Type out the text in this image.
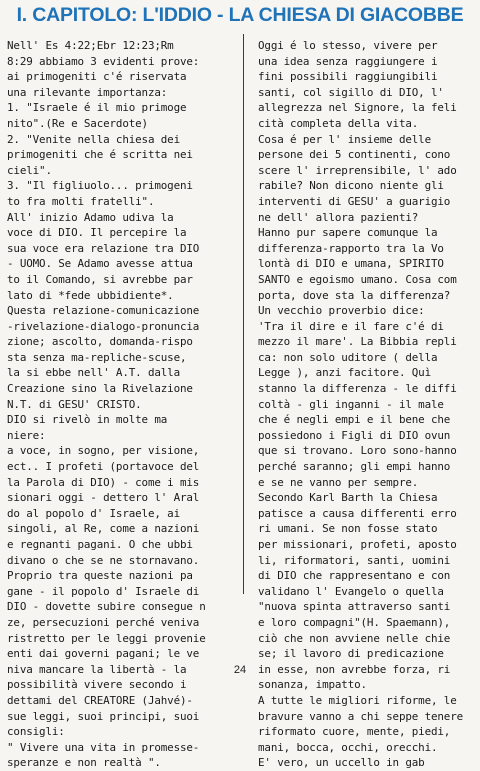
I. CAPITOLO: L'IDDIO - LA CHIESA DI GIACOBBE
Nell' Es 4:22;Ebr 12:23;Rm
8:29 abbiamo 3 evidenti prove:
ai primogeniti c'é riservata
una rilevante importanza:
1. "Israele é il mio primoge
nito".(Re e Sacerdote)
2. "Venite nella chiesa dei
primogeniti che é scritta nei
cieli".
3. "Il figliuolo... primogeni
to fra molti fratelli".
All' inizio Adamo udiva la
voce di DIO. Il percepire la
sua voce era relazione tra DIO
- UOMO. Se Adamo avesse attua
to il Comando, si avrebbe par
lato di *fede ubbidiente*.
Questa relazione-comunicazione
-rivelazione-dialogo-pronuncia
zione; ascolto, domanda-rispo
sta senza ma-repliche-scuse,
la si ebbe nell' A.T. dalla
Creazione sino la Rivelazione
N.T. di GESU' CRISTO.
DIO si rivelò in molte ma
niere:
a voce, in sogno, per visione,
ect.. I profeti (portavoce del
la Parola di DIO) - come i mis
sionari oggi - dettero l' Aral
do al popolo d' Israele, ai
singoli, al Re, come a nazioni
e regnanti pagani. O che ubbi
divano o che se ne stornavano.
Proprio tra queste nazioni pa
gane - il popolo d' Israele di
DIO - dovette subire consegue n
ze, persecuzioni perché veniva
ristretto per le leggi provenie
enti dai governi pagani; le ve
niva mancare la libertà - la
possibilità vivere secondo i
dettami del CREATORE (Jahvé)-
sue leggi, suoi principi, suoi
consigli:
" Vivere una vita in promesse-
speranze e non realtà ".
Oggi é lo stesso, vivere per
una idea senza raggiungere i
fini possibili raggiungibili
santi, col sigillo di DIO, l'
allegrezza nel Signore, la feli
cità completa della vita.
Cosa é per l' insieme delle
persone dei 5 continenti, cono
scere l' irreprensibile, l' ado
rabile? Non dicono niente gli
interventi di GESU' a guarigio
ne dell' allora pazienti?
Hanno pur sapere comunque la
differenza-rapporto tra la Vo
lontà di DIO e umana, SPIRITO
SANTO e egoismo umano. Cosa com
porta, dove sta la differenza?
Un vecchio proverbio dice:
'Tra il dire e il fare c'é di
mezzo il mare'. La Bibbia repli
ca: non solo uditore ( della
Legge ), anzi facitore. Quì
stanno la differenza - le diffi
coltà - gli inganni - il male
che é negli empi e il bene che
possiedono i Figli di DIO ovun
que si trovano. Loro sono-hanno
perché saranno; gli empi hanno
e se ne vanno per sempre.
Secondo Karl Barth la Chiesa
patisce a causa differenti erro
ri umani. Se non fosse stato
per missionari, profeti, aposto
li, riformatori, santi, uomini
di DIO che rappresentano e con
validano l' Evangelo o quella
"nuova spinta attraverso santi
e loro compagni"(H. Spaemann),
ciò che non avviene nelle chie
se; il lavoro di predicazione
in esse, non avrebbe forza, ri
sonanza, impatto.
A tutte le migliori riforme, le
bravure vanno a chi seppe tenere
riformato cuore, mente, piedi,
mani, bocca, occhi, orecchi.
E' vero, un uccello in gab
24
